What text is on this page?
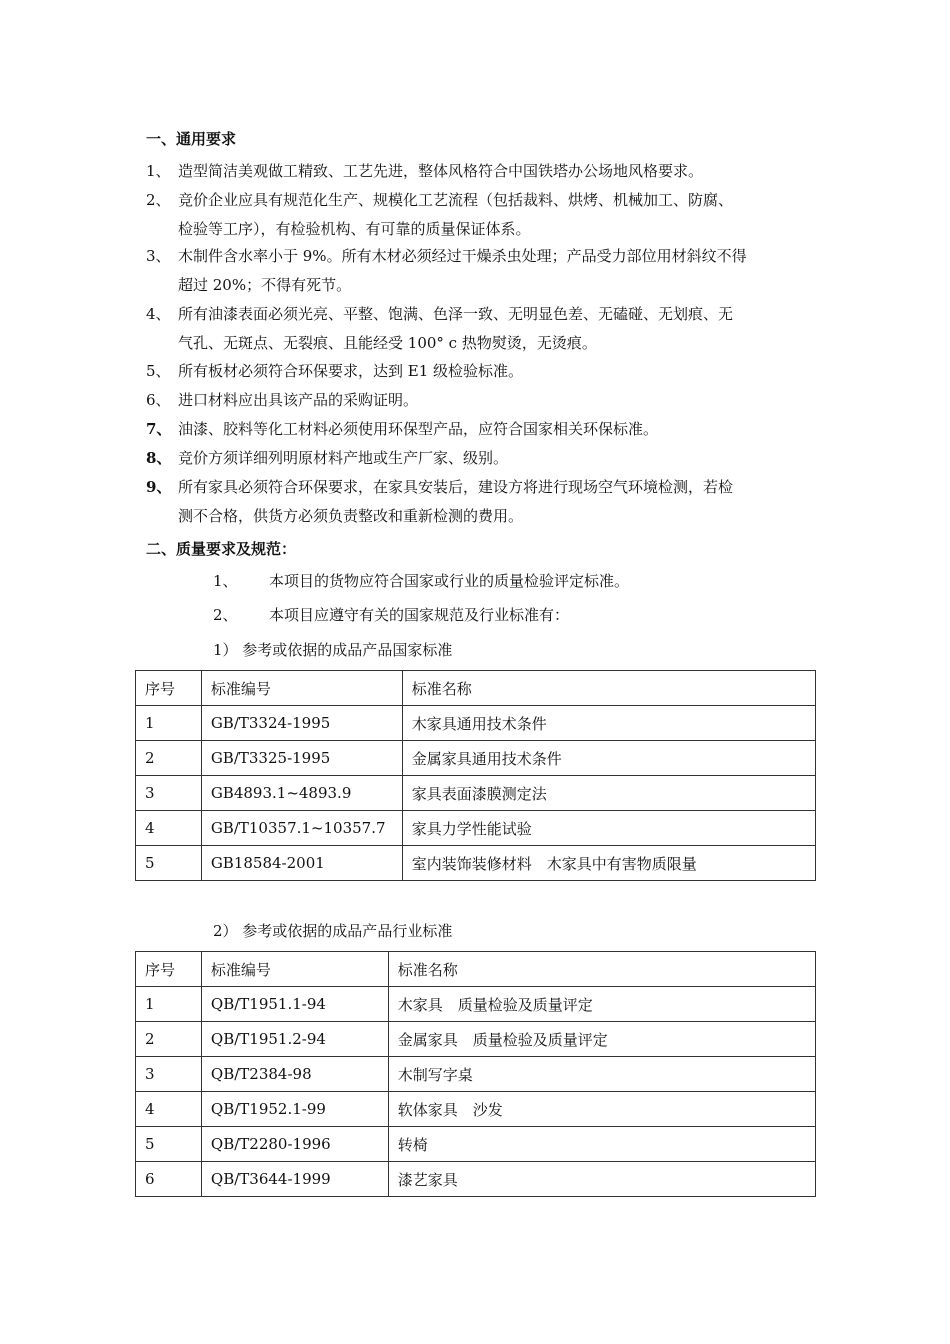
一、通用要求
1、 造型简洁美观做工精致、工艺先进，整体风格符合中国铁塔办公场地风格要求。
2、 竞价企业应具有规范化生产、规模化工艺流程（包括裁料、烘烤、机械加工、防腐、
检验等工序），有检验机构、有可靠的质量保证体系。
3、 木制件含水率小于 9%。所有木材必须经过干燥杀虫处理；产品受力部位用材斜纹不得
超过 20%；不得有死节。
4、 所有油漆表面必须光亮、平整、饱满、色泽一致、无明显色差、无磕碰、无划痕、无
气孔、无斑点、无裂痕、且能经受 100° c 热物熨烫，无烫痕。
5、 所有板材必须符合环保要求，达到 E1 级检验标准。
6、 进口材料应出具该产品的采购证明。
7、 油漆、胶料等化工材料必须使用环保型产品，应符合国家相关环保标准。
8、 竞价方须详细列明原材料产地或生产厂家、级别。
9、 所有家具必须符合环保要求，在家具安装后，建设方将进行现场空气环境检测，若检
测不合格，供货方必须负责整改和重新检测的费用。
二、质量要求及规范：
1、 本项目的货物应符合国家或行业的质量检验评定标准。
2、 本项目应遵守有关的国家规范及行业标准有：
1） 参考或依据的成品产品国家标准
序号	标准编号	标准名称
1	GB/T3324-1995	木家具通用技术条件
2	GB/T3325-1995	金属家具通用技术条件
3	GB4893.1~4893.9	家具表面漆膜测定法
4	GB/T10357.1~10357.7	家具力学性能试验
5	GB18584-2001	室内装饰装修材料　木家具中有害物质限量
2） 参考或依据的成品产品行业标准
序号	标准编号	标准名称
1	QB/T1951.1-94	木家具　质量检验及质量评定
2	QB/T1951.2-94	金属家具　质量检验及质量评定
3	QB/T2384-98	木制写字桌
4	QB/T1952.1-99	软体家具　沙发
5	QB/T2280-1996	转椅
6	QB/T3644-1999	漆艺家具
